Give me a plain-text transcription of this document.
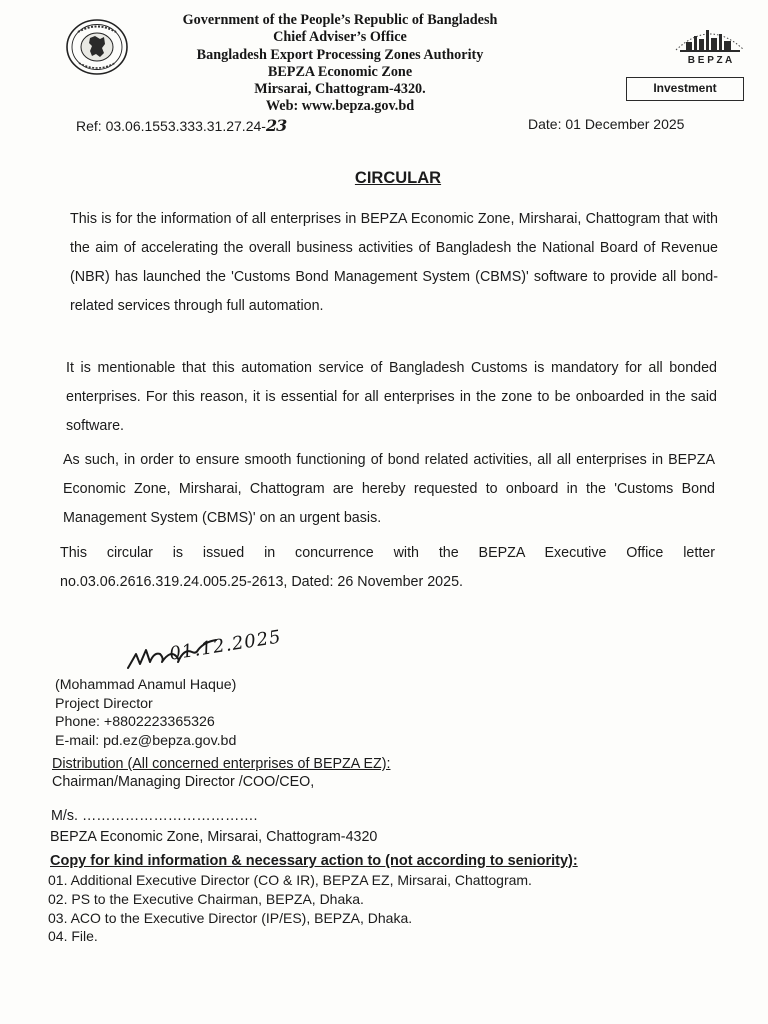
Government of the People’s Republic of Bangladesh
Chief Adviser’s Office
Bangladesh Export Processing Zones Authority
BEPZA Economic Zone
Mirsarai, Chattogram-4320.
Web: www.bepza.gov.bd
B E P Z A
Investment
Ref: 03.06.1553.333.31.27.24-23	Date: 01 December 2025
CIRCULAR
This is for the information of all enterprises in BEPZA Economic Zone, Mirsharai, Chattogram that with the aim of accelerating the overall business activities of Bangladesh the National Board of Revenue (NBR) has launched the 'Customs Bond Management System (CBMS)' software to provide all bond-related services through full automation.
It is mentionable that this automation service of Bangladesh Customs is mandatory for all bonded enterprises. For this reason, it is essential for all enterprises in the zone to be onboarded in the said software.
As such, in order to ensure smooth functioning of bond related activities, all all enterprises in BEPZA Economic Zone, Mirsharai, Chattogram are hereby requested to onboard in the 'Customs Bond Management System (CBMS)' on an urgent basis.
This circular is issued in concurrence with the BEPZA Executive Office letter no.03.06.2616.319.24.005.25-2613, Dated: 26 November 2025.
01.12.2025
(Mohammad Anamul Haque)
Project Director
Phone: +8802223365326
E-mail: pd.ez@bepza.gov.bd
Distribution (All concerned enterprises of BEPZA EZ):
Chairman/Managing Director /COO/CEO,
M/s. ……………………………….
BEPZA Economic Zone, Mirsarai, Chattogram-4320
Copy for kind information & necessary action to (not according to seniority):
01. Additional Executive Director (CO & IR), BEPZA EZ, Mirsarai, Chattogram.
02. PS to the Executive Chairman, BEPZA, Dhaka.
03. ACO to the Executive Director (IP/ES), BEPZA, Dhaka.
04. File.
